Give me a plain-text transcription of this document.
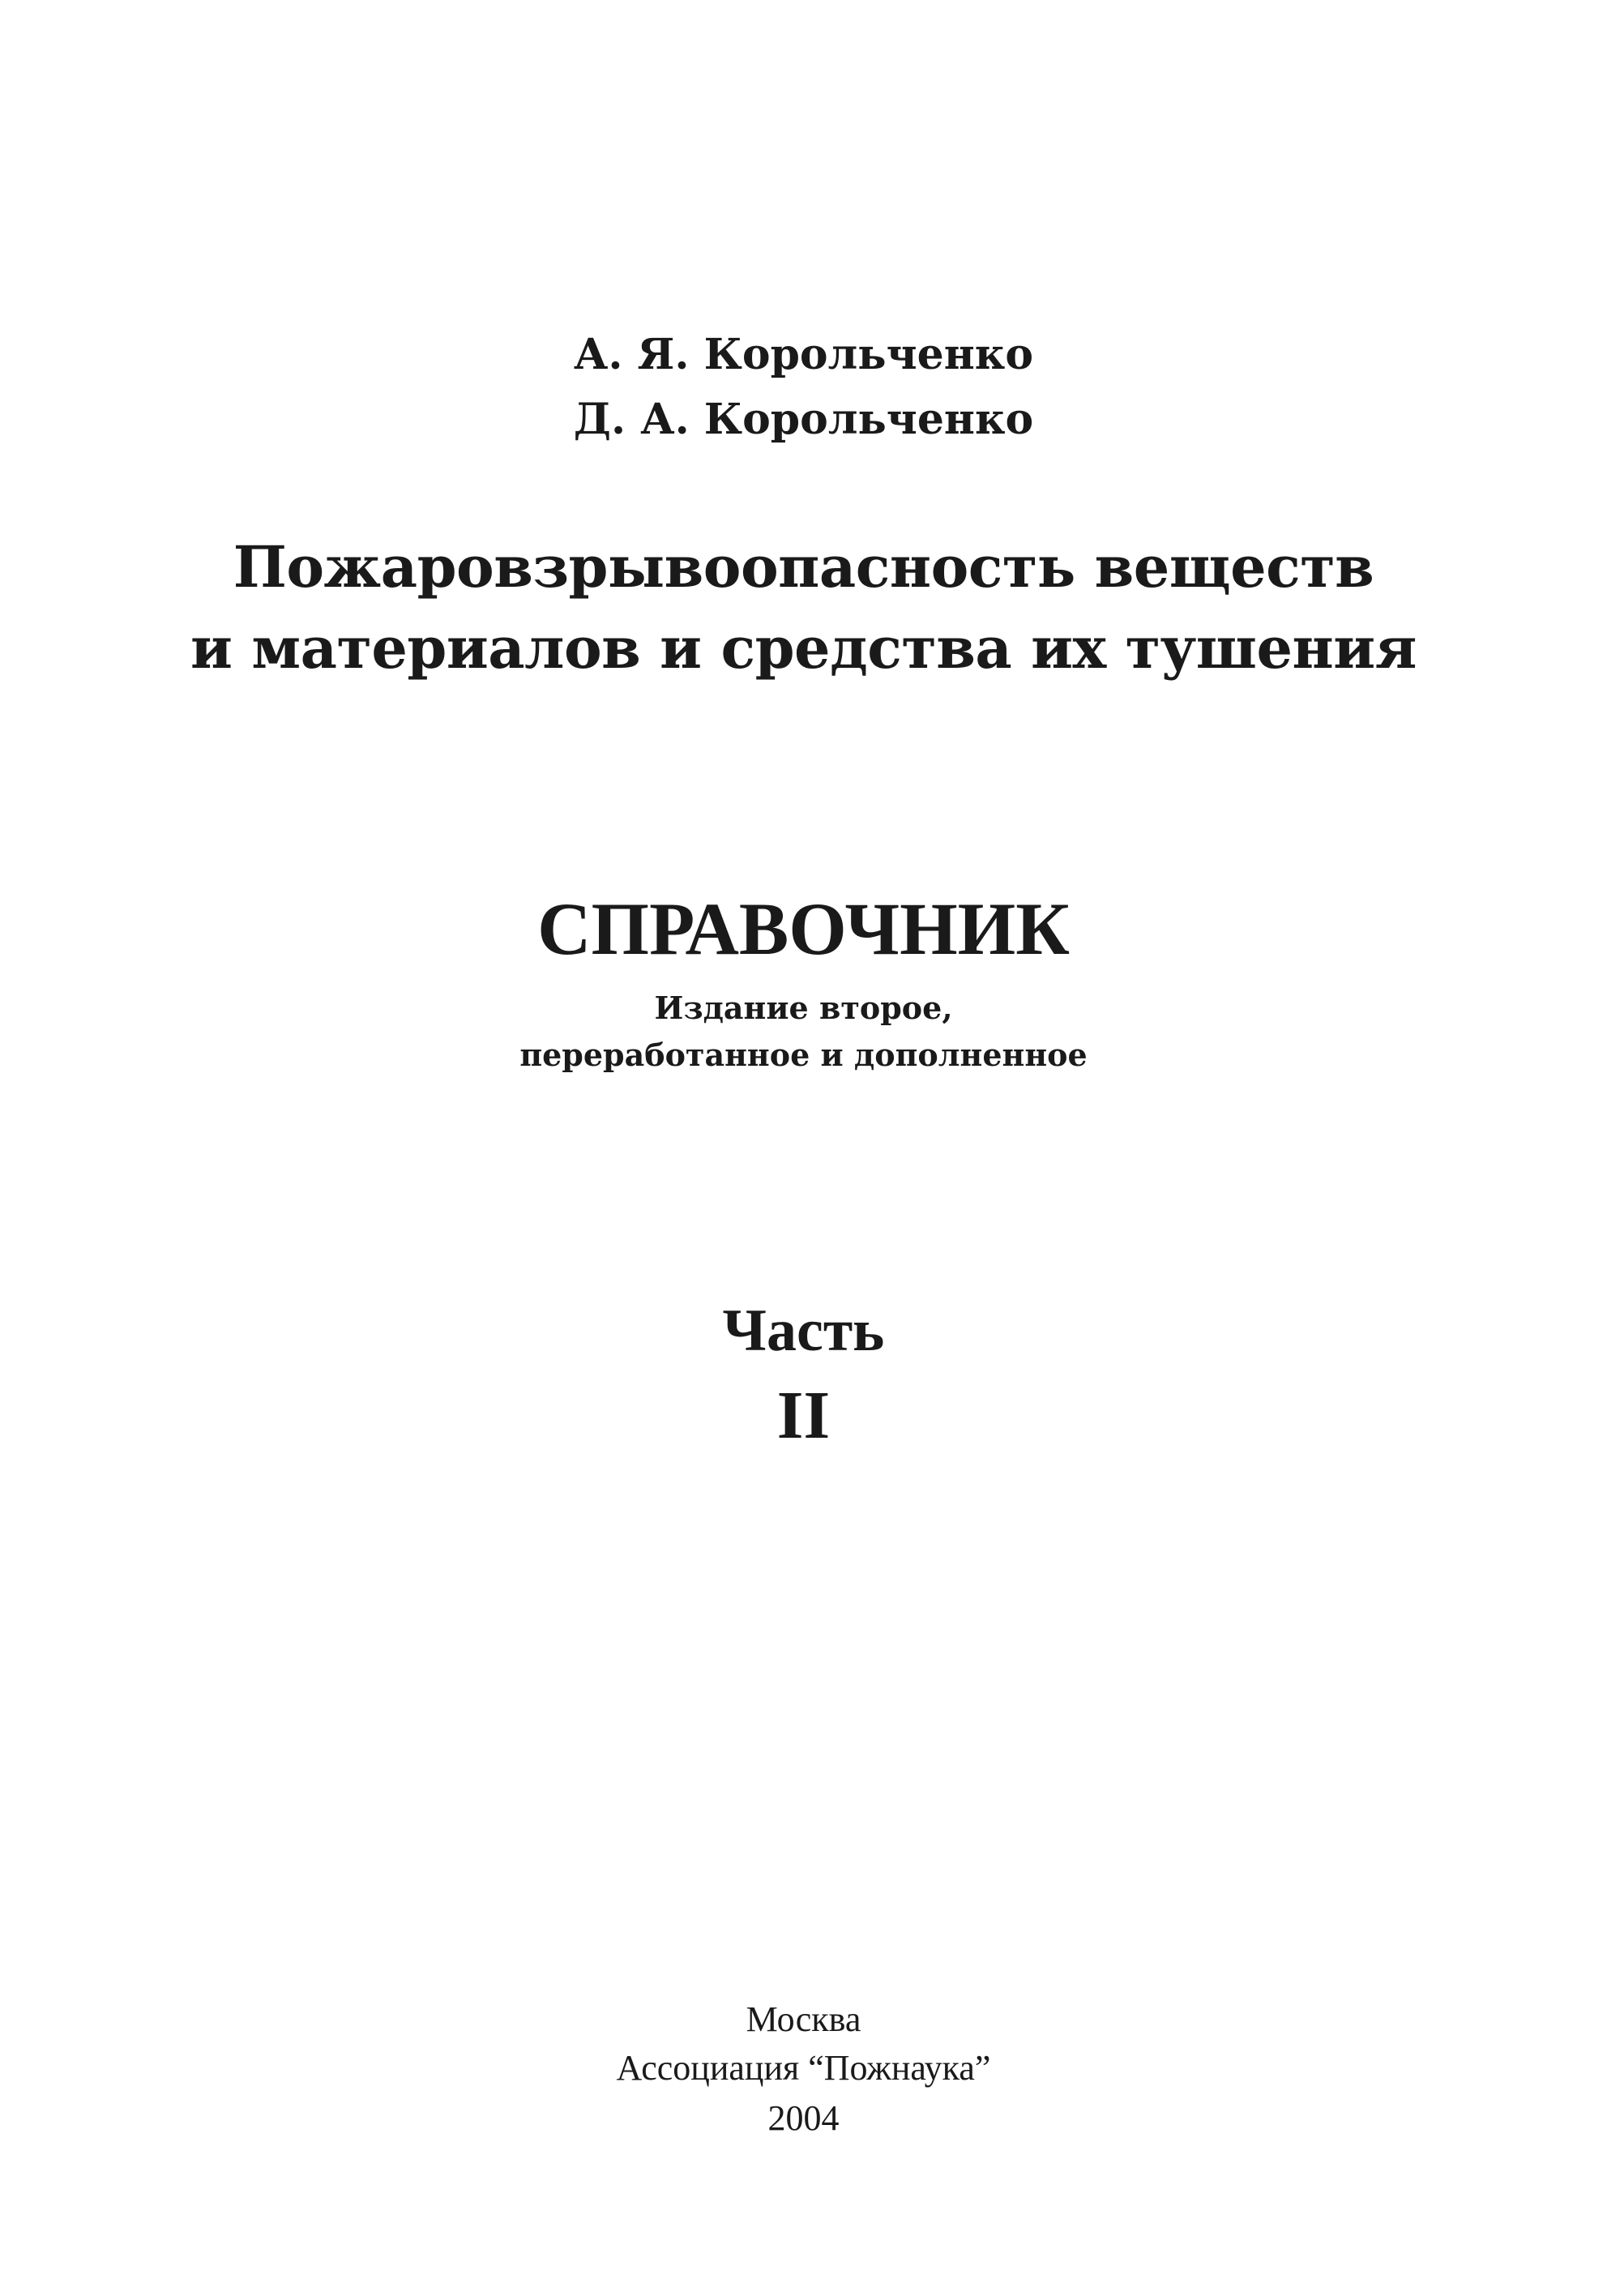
А. Я. Корольченко
Д. А. Корольченко
Пожаровзрывоопасность веществ
и материалов и средства их тушения
СПРАВОЧНИК
Издание второе,
переработанное и дополненное
Часть
II
Москва
Ассоциация “Пожнаука”
2004
